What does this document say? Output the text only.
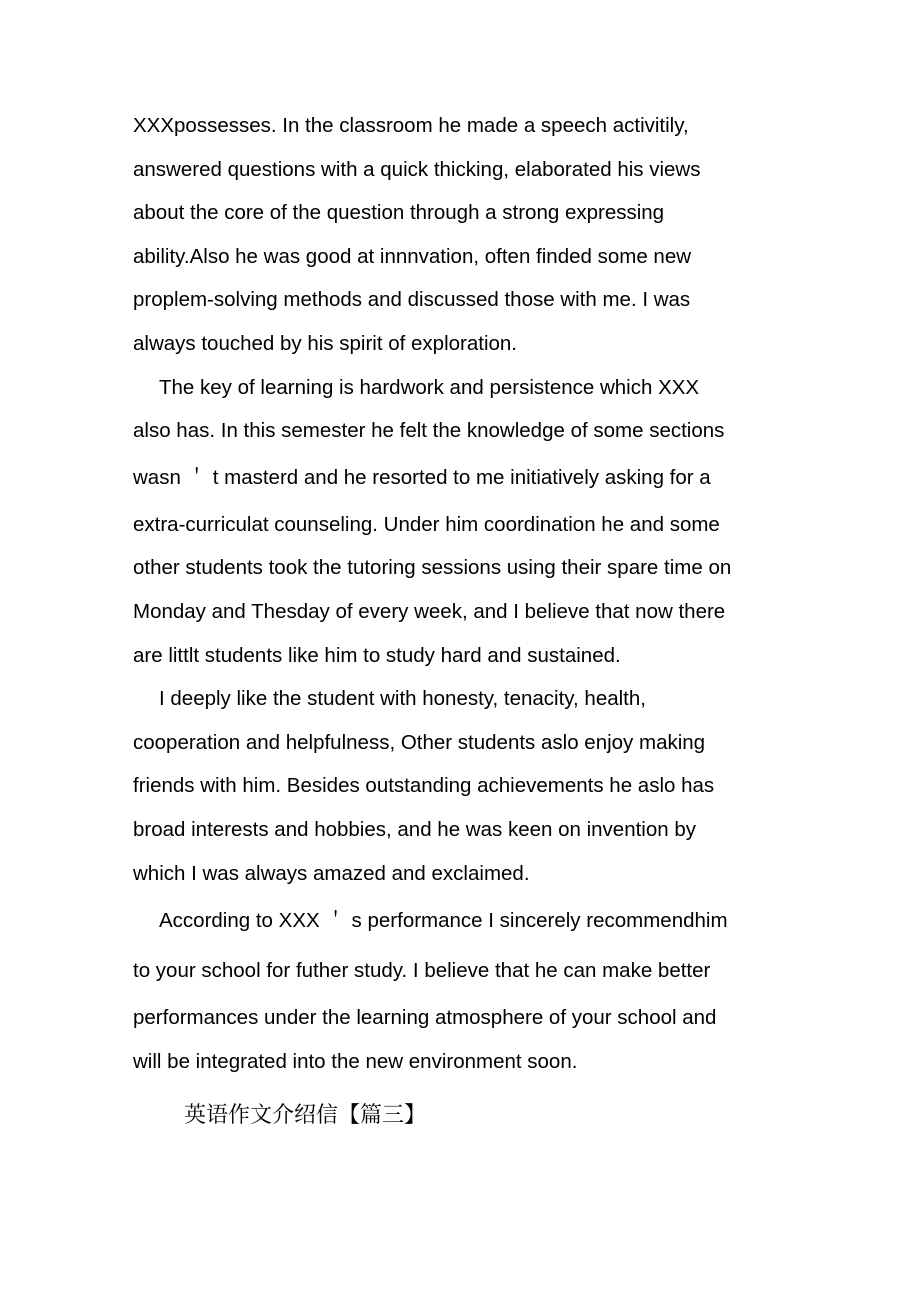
XXXpossesses. In the classroom he made a speech activitily,
answered questions with a quick thicking, elaborated his views
about the core of the question through a strong expressing
ability.Also he was good at innnvation, often finded some new
proplem-solving methods and discussed those with me. I was
always touched by his spirit of exploration.
The key of learning is hardwork and persistence which XXX
also has. In this semester he felt the knowledge of some sections
wasn ＇ t masterd and he resorted to me initiatively asking for a
extra-curriculat counseling. Under him coordination he and some
other students took the tutoring sessions using their spare time on
Monday and Thesday of every week, and I believe that now there
are littlt students like him to study hard and sustained.
I deeply like the student with honesty, tenacity, health,
cooperation and helpfulness, Other students aslo enjoy making
friends with him. Besides outstanding achievements he aslo has
broad interests and hobbies, and he was keen on invention by
which I was always amazed and exclaimed.
According to XXX ＇ s performance I sincerely recommendhim
to your school for futher study. I believe that he can make better
performances under the learning atmosphere of your school and
will be integrated into the new environment soon.
英语作文介绍信【篇三】
